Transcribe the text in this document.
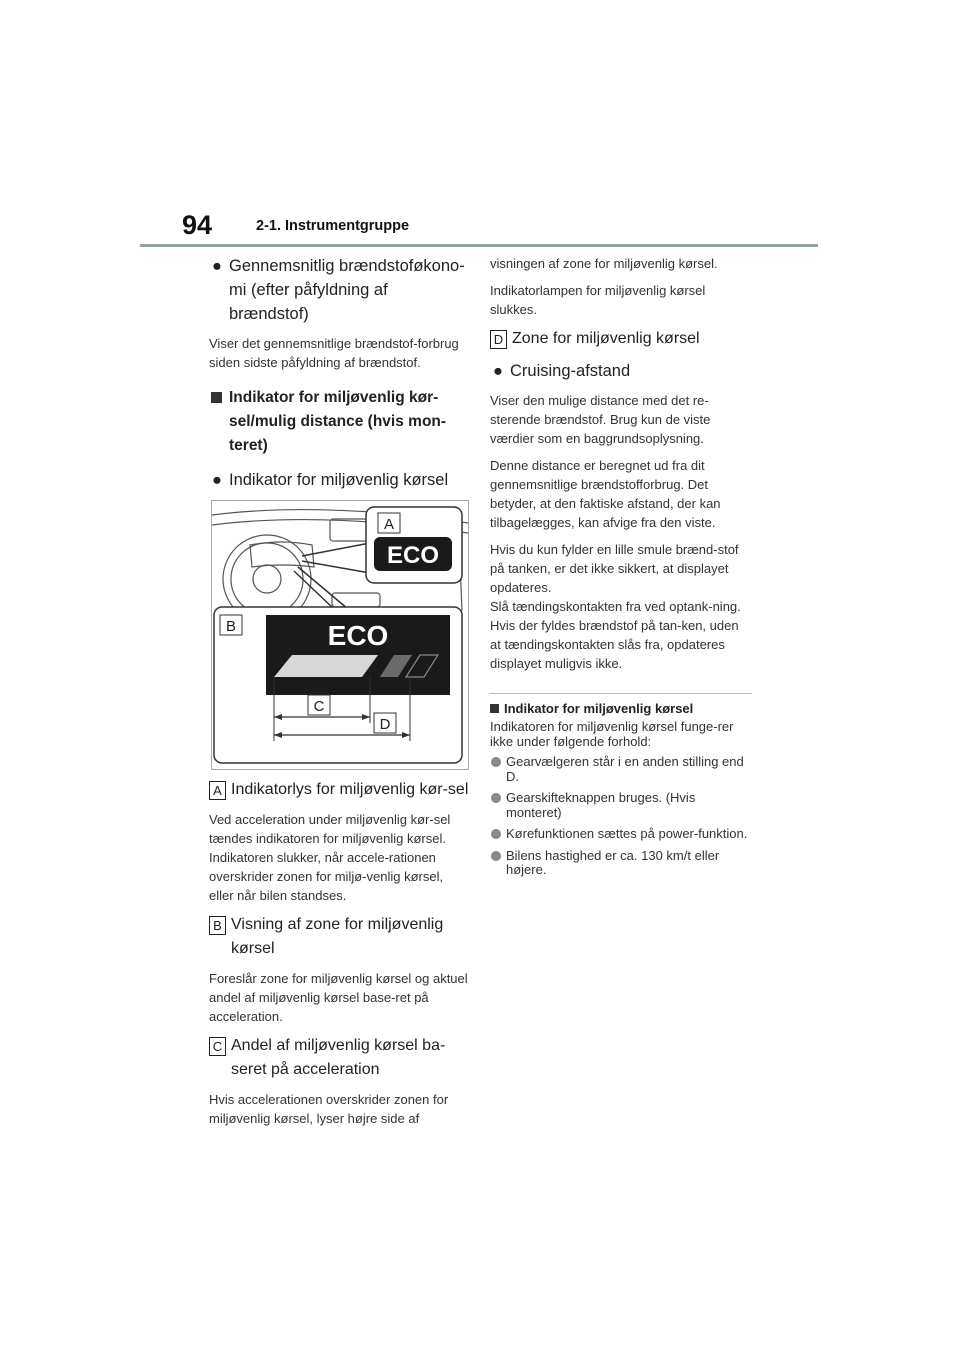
94	2-1. Instrumentgruppe
● Gennemsnitlig brændstoføkono-mi (efter påfyldning af brændstof)

Viser det gennemsnitlige brændstof-forbrug siden sidste påfyldning af brændstof.

Indikator for miljøvenlig kør-sel/mulig distance (hvis mon-teret)
● Indikator for miljøvenlig kørsel
ECO
A
B	ECO
C
D
A Indikatorlys for miljøvenlig kør-sel

Ved acceleration under miljøvenlig kør-sel tændes indikatoren for miljøvenlig kørsel. Indikatoren slukker, når accele-rationen overskrider zonen for miljø-venlig kørsel, eller når bilen standses.

B Visning af zone for miljøvenlig kørsel

Foreslår zone for miljøvenlig kørsel og aktuel andel af miljøvenlig kørsel base-ret på acceleration.

C Andel af miljøvenlig kørsel ba-seret på acceleration

Hvis accelerationen overskrider zonen for miljøvenlig kørsel, lyser højre side af

visningen af zone for miljøvenlig kørsel.

Indikatorlampen for miljøvenlig kørsel slukkes.

D Zone for miljøvenlig kørsel
● Cruising-afstand

Viser den mulige distance med det re-sterende brændstof. Brug kun de viste værdier som en baggrundsoplysning.

Denne distance er beregnet ud fra dit gennemsnitlige brændstofforbrug. Det betyder, at den faktiske afstand, der kan tilbagelægges, kan afvige fra den viste.

Hvis du kun fylder en lille smule brænd-stof på tanken, er det ikke sikkert, at displayet opdateres.

Slå tændingskontakten fra ved optank-ning. Hvis der fyldes brændstof på tan-ken, uden at tændingskontakten slås fra, opdateres displayet muligvis ikke.

Indikator for miljøvenlig kørsel

Indikatoren for miljøvenlig kørsel funge-rer ikke under følgende forhold:

Gearvælgeren står i en anden stilling end D.
Gearskifteknappen bruges. (Hvis monteret)
Kørefunktionen sættes på power-funktion.
Bilens hastighed er ca. 130 km/t eller højere.
